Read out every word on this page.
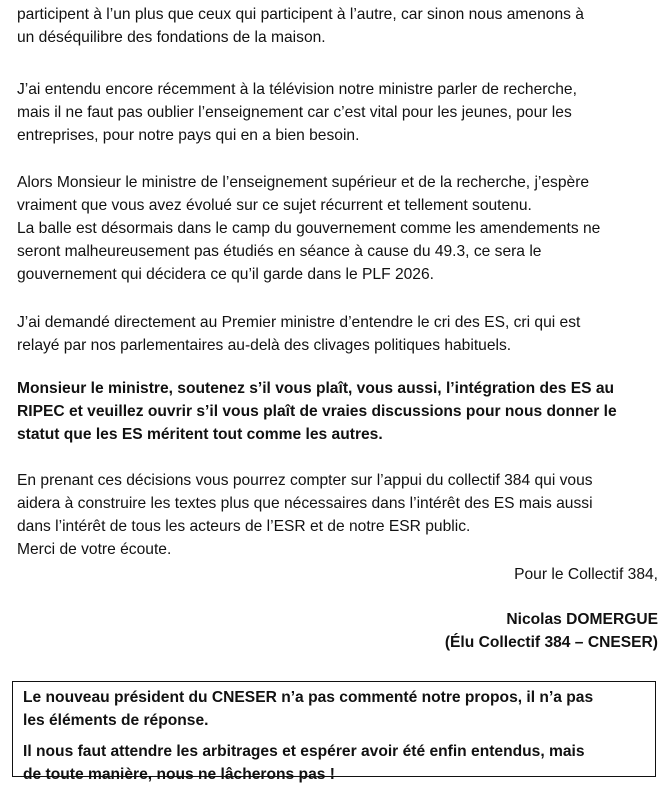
participent à l’un plus que ceux qui participent à l’autre, car sinon nous amenons à
un déséquilibre des fondations de la maison.

J’ai entendu encore récemment à la télévision notre ministre parler de recherche,
mais il ne faut pas oublier l’enseignement car c’est vital pour les jeunes, pour les
entreprises, pour notre pays qui en a bien besoin.

Alors Monsieur le ministre de l’enseignement supérieur et de la recherche, j’espère
vraiment que vous avez évolué sur ce sujet récurrent et tellement soutenu.
La balle est désormais dans le camp du gouvernement comme les amendements ne
seront malheureusement pas étudiés en séance à cause du 49.3, ce sera le
gouvernement qui décidera ce qu’il garde dans le PLF 2026.

J’ai demandé directement au Premier ministre d’entendre le cri des ES, cri qui est
relayé par nos parlementaires au-delà des clivages politiques habituels.

Monsieur le ministre, soutenez s’il vous plaît, vous aussi, l’intégration des ES au
RIPEC et veuillez ouvrir s’il vous plaît de vraies discussions pour nous donner le
statut que les ES méritent tout comme les autres.

En prenant ces décisions vous pourrez compter sur l’appui du collectif 384 qui vous
aidera à construire les textes plus que nécessaires dans l’intérêt des ES mais aussi
dans l’intérêt de tous les acteurs de l’ESR et de notre ESR public.
Merci de votre écoute.

Pour le Collectif 384,
Nicolas DOMERGUE
(Élu Collectif 384 – CNESER)
Le nouveau président du CNESER n’a pas commenté notre propos, il n’a pas
les éléments de réponse.
Il nous faut attendre les arbitrages et espérer avoir été enfin entendus, mais
de toute manière, nous ne lâcherons pas !
